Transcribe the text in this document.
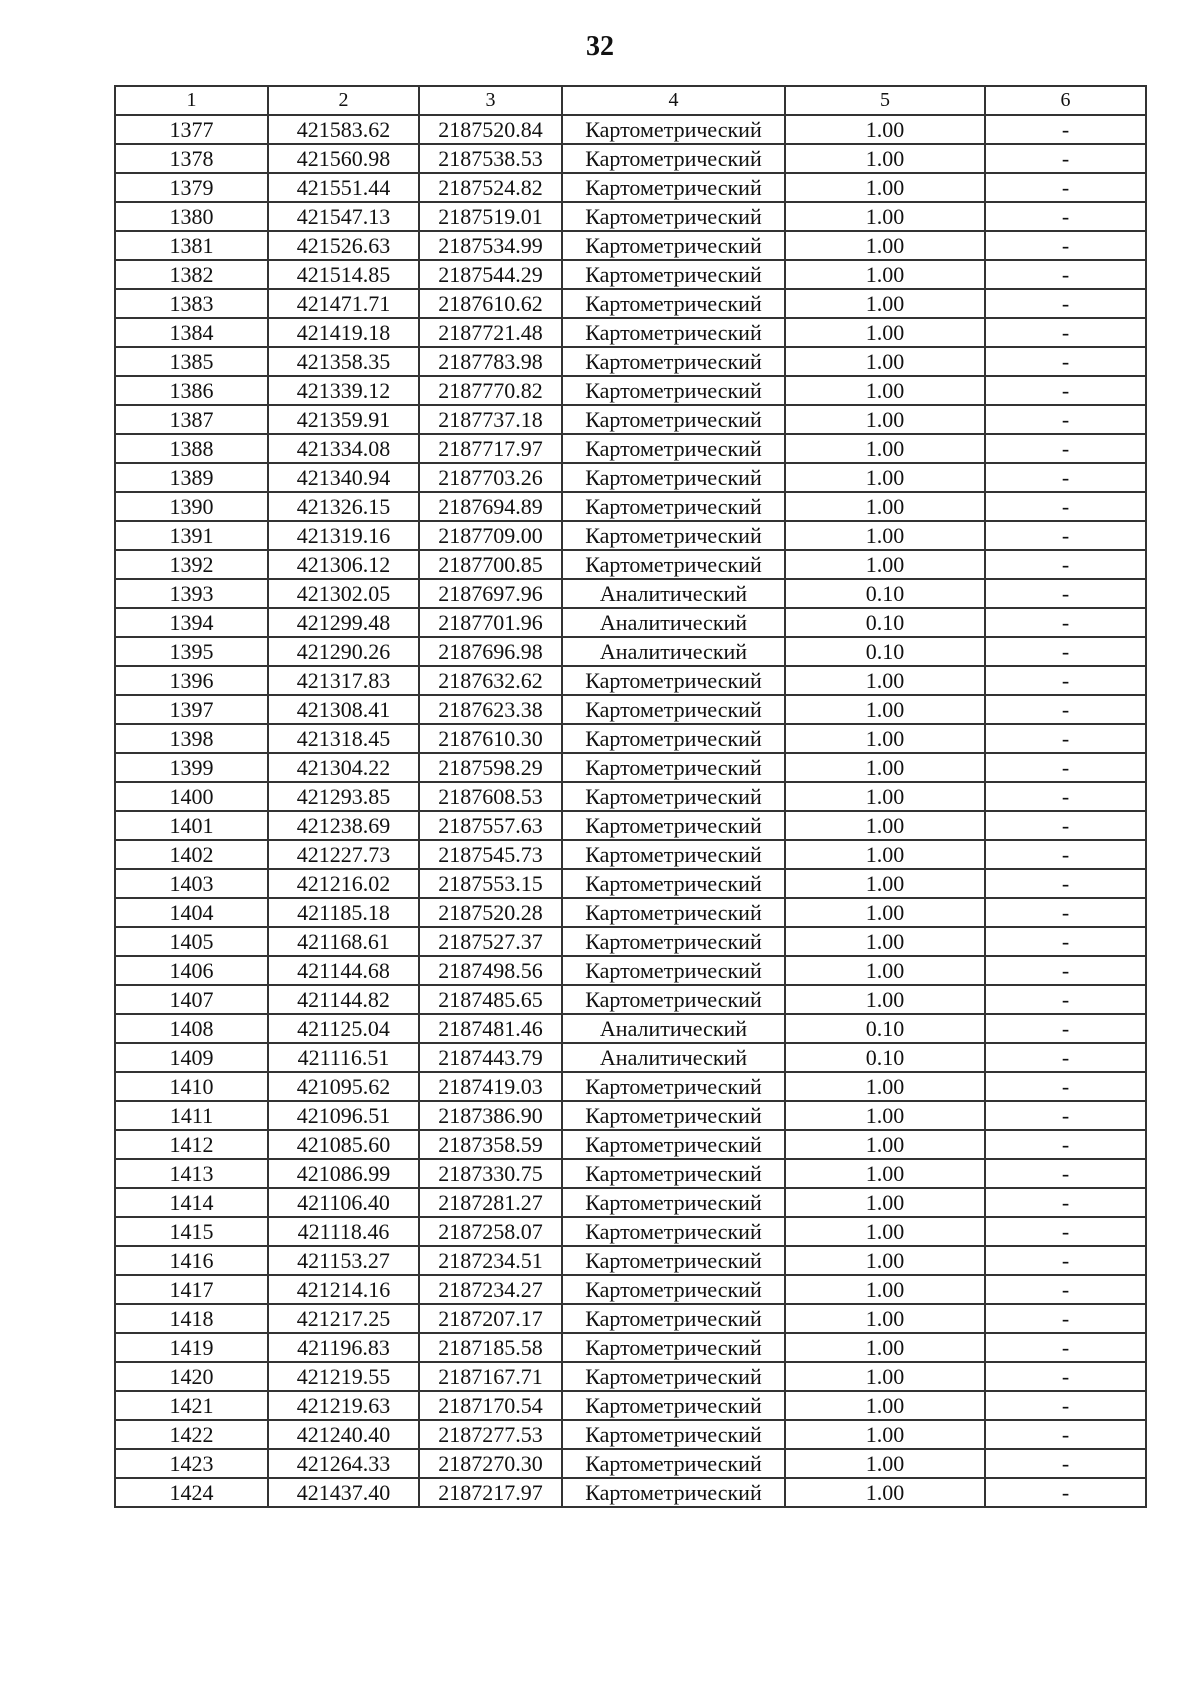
32
1	2	3	4	5	6
1377	421583.62	2187520.84	Картометрический	1.00	-
1378	421560.98	2187538.53	Картометрический	1.00	-
1379	421551.44	2187524.82	Картометрический	1.00	-
1380	421547.13	2187519.01	Картометрический	1.00	-
1381	421526.63	2187534.99	Картометрический	1.00	-
1382	421514.85	2187544.29	Картометрический	1.00	-
1383	421471.71	2187610.62	Картометрический	1.00	-
1384	421419.18	2187721.48	Картометрический	1.00	-
1385	421358.35	2187783.98	Картометрический	1.00	-
1386	421339.12	2187770.82	Картометрический	1.00	-
1387	421359.91	2187737.18	Картометрический	1.00	-
1388	421334.08	2187717.97	Картометрический	1.00	-
1389	421340.94	2187703.26	Картометрический	1.00	-
1390	421326.15	2187694.89	Картометрический	1.00	-
1391	421319.16	2187709.00	Картометрический	1.00	-
1392	421306.12	2187700.85	Картометрический	1.00	-
1393	421302.05	2187697.96	Аналитический	0.10	-
1394	421299.48	2187701.96	Аналитический	0.10	-
1395	421290.26	2187696.98	Аналитический	0.10	-
1396	421317.83	2187632.62	Картометрический	1.00	-
1397	421308.41	2187623.38	Картометрический	1.00	-
1398	421318.45	2187610.30	Картометрический	1.00	-
1399	421304.22	2187598.29	Картометрический	1.00	-
1400	421293.85	2187608.53	Картометрический	1.00	-
1401	421238.69	2187557.63	Картометрический	1.00	-
1402	421227.73	2187545.73	Картометрический	1.00	-
1403	421216.02	2187553.15	Картометрический	1.00	-
1404	421185.18	2187520.28	Картометрический	1.00	-
1405	421168.61	2187527.37	Картометрический	1.00	-
1406	421144.68	2187498.56	Картометрический	1.00	-
1407	421144.82	2187485.65	Картометрический	1.00	-
1408	421125.04	2187481.46	Аналитический	0.10	-
1409	421116.51	2187443.79	Аналитический	0.10	-
1410	421095.62	2187419.03	Картометрический	1.00	-
1411	421096.51	2187386.90	Картометрический	1.00	-
1412	421085.60	2187358.59	Картометрический	1.00	-
1413	421086.99	2187330.75	Картометрический	1.00	-
1414	421106.40	2187281.27	Картометрический	1.00	-
1415	421118.46	2187258.07	Картометрический	1.00	-
1416	421153.27	2187234.51	Картометрический	1.00	-
1417	421214.16	2187234.27	Картометрический	1.00	-
1418	421217.25	2187207.17	Картометрический	1.00	-
1419	421196.83	2187185.58	Картометрический	1.00	-
1420	421219.55	2187167.71	Картометрический	1.00	-
1421	421219.63	2187170.54	Картометрический	1.00	-
1422	421240.40	2187277.53	Картометрический	1.00	-
1423	421264.33	2187270.30	Картометрический	1.00	-
1424	421437.40	2187217.97	Картометрический	1.00	-
